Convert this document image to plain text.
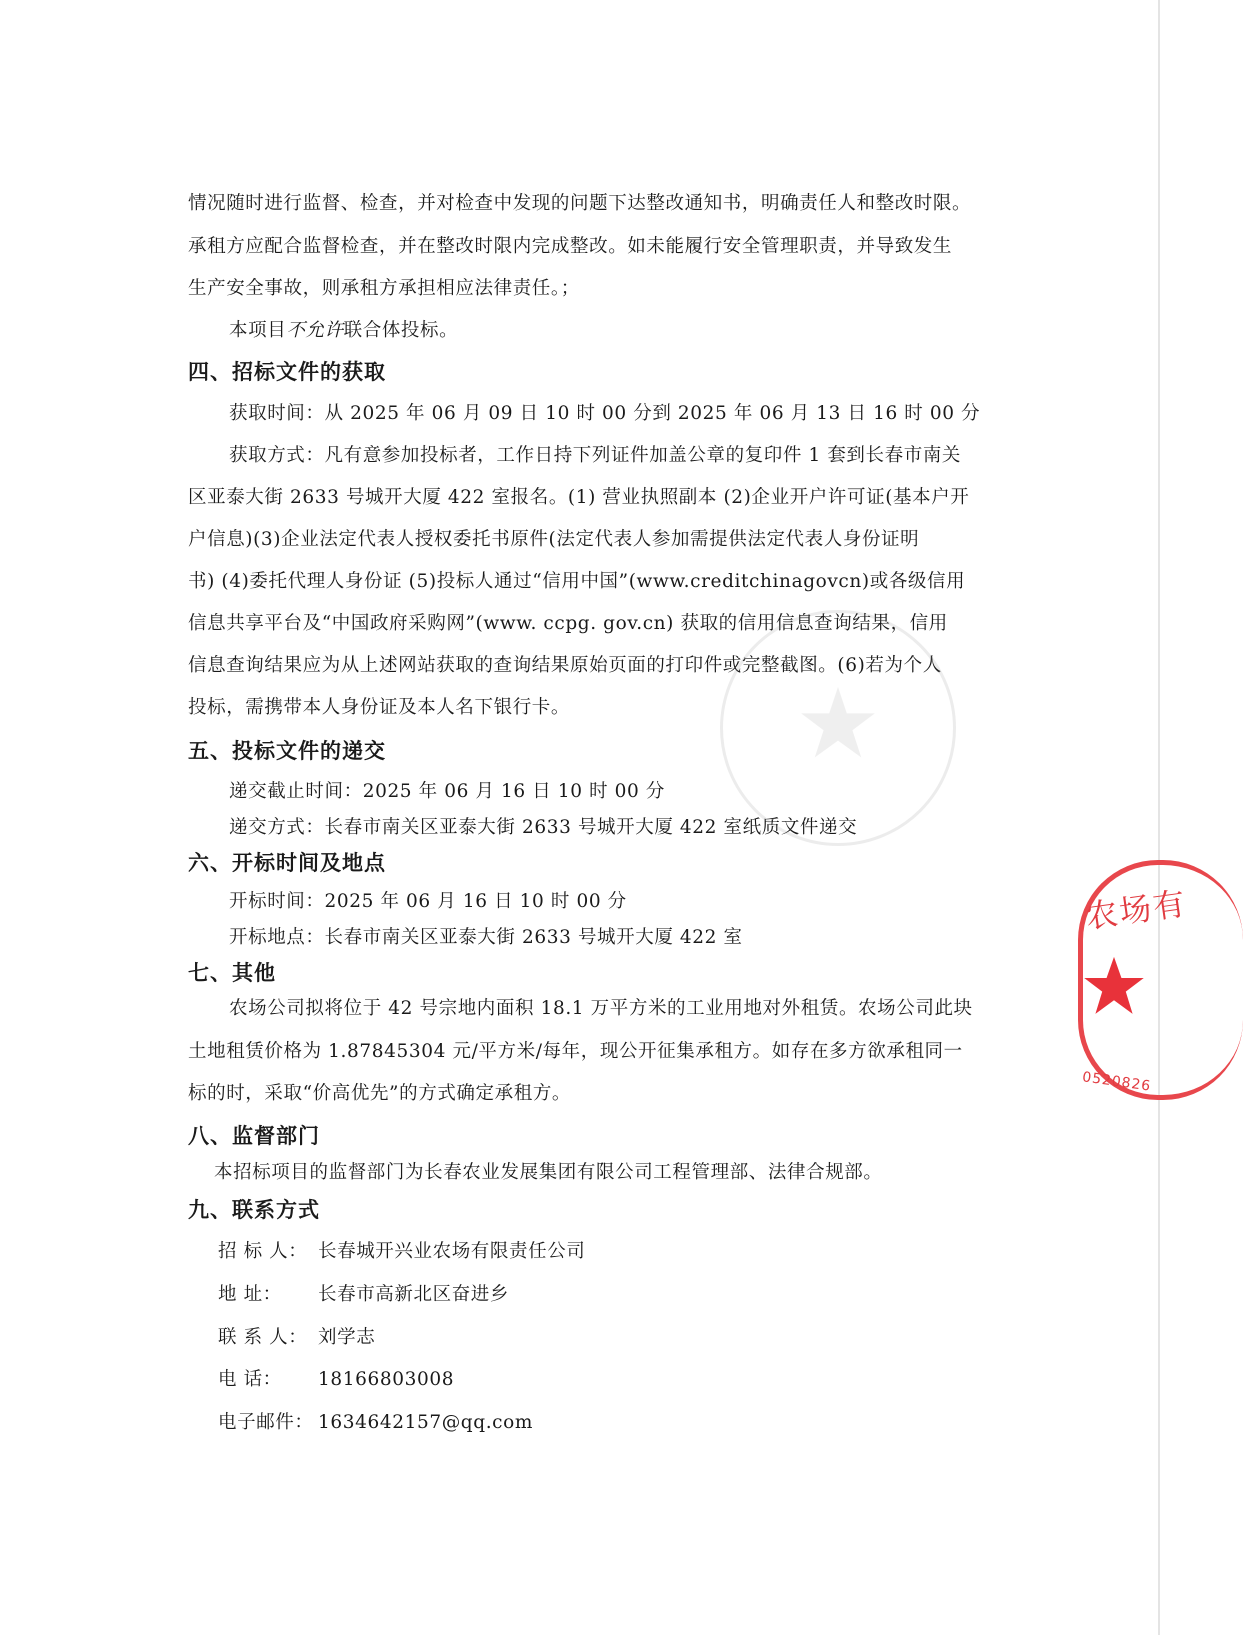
情况随时进行监督、检查，并对检查中发现的问题下达整改通知书，明确责任人和整改时限。
承租方应配合监督检查，并在整改时限内完成整改。如未能履行安全管理职责，并导致发生
生产安全事故，则承租方承担相应法律责任。；
本项目不允许联合体投标。
四、招标文件的获取
获取时间：从 2025 年 06 月 09 日 10 时 00 分到 2025 年 06 月 13 日 16 时 00 分
获取方式：凡有意参加投标者，工作日持下列证件加盖公章的复印件 1 套到长春市南关
区亚泰大街 2633 号城开大厦 422 室报名。(1) 营业执照副本 (2)企业开户许可证(基本户开
户信息)(3)企业法定代表人授权委托书原件(法定代表人参加需提供法定代表人身份证明
书) (4)委托代理人身份证 (5)投标人通过“信用中国”(www.creditchinagovcn)或各级信用
信息共享平台及“中国政府采购网”(www. ccpg. gov.cn) 获取的信用信息查询结果，信用
信息查询结果应为从上述网站获取的查询结果原始页面的打印件或完整截图。(6)若为个人
投标，需携带本人身份证及本人名下银行卡。
五、投标文件的递交
递交截止时间：2025 年 06 月 16 日 10 时 00 分
递交方式：长春市南关区亚泰大街 2633 号城开大厦 422 室纸质文件递交
六、开标时间及地点
开标时间：2025 年 06 月 16 日 10 时 00 分
开标地点：长春市南关区亚泰大街 2633 号城开大厦 422 室
七、其他
农场公司拟将位于 42 号宗地内面积 18.1 万平方米的工业用地对外租赁。农场公司此块
土地租赁价格为 1.87845304 元/平方米/每年，现公开征集承租方。如存在多方欲承租同一
标的时，采取“价高优先”的方式确定承租方。
八、监督部门
本招标项目的监督部门为长春农业发展集团有限公司工程管理部、法律合规部。
九、联系方式
招 标 人： 长春城开兴业农场有限责任公司
地 址： 长春市高新北区奋进乡
联 系 人： 刘学志
电 话： 18166803008
电子邮件： 1634642157@qq.com
农场有
0520826
